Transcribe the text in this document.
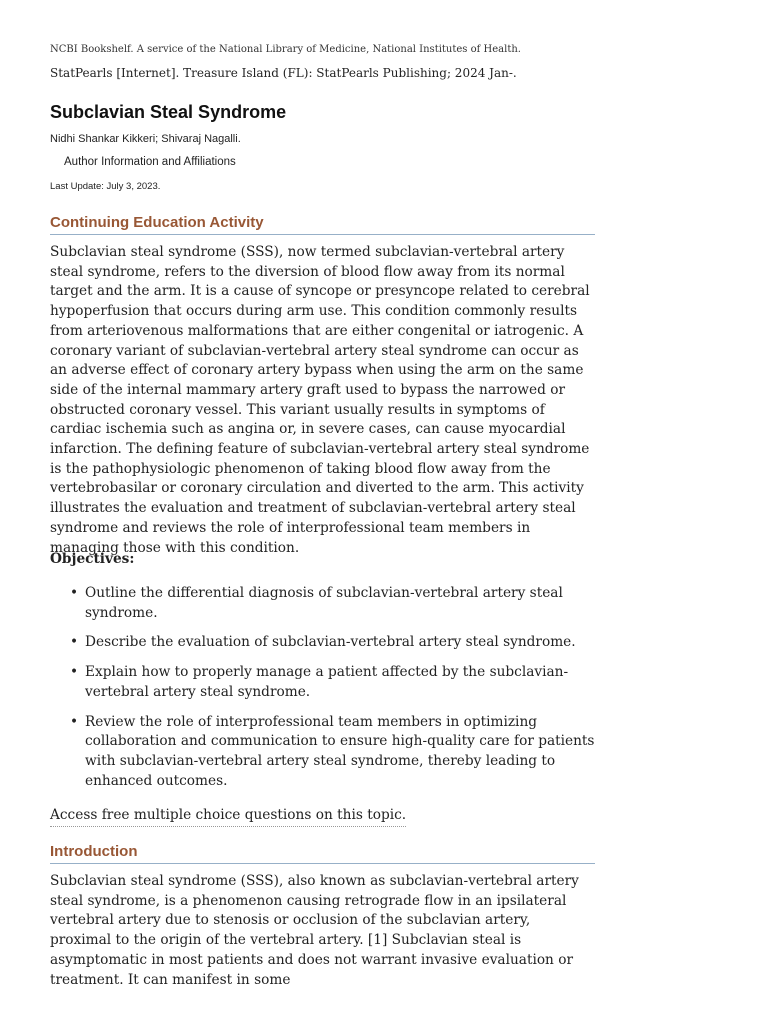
NCBI Bookshelf. A service of the National Library of Medicine, National Institutes of Health.
StatPearls [Internet]. Treasure Island (FL): StatPearls Publishing; 2024 Jan-.
Subclavian Steal Syndrome
Nidhi Shankar Kikkeri; Shivaraj Nagalli.
Author Information and Affiliations
Last Update: July 3, 2023.
Continuing Education Activity

Subclavian steal syndrome (SSS), now termed subclavian-vertebral artery steal syndrome, refers to the diversion of blood flow away from its normal target and the arm. It is a cause of syncope or presyncope related to cerebral hypoperfusion that occurs during arm use. This condition commonly results from arteriovenous malformations that are either congenital or iatrogenic. A coronary variant of subclavian-vertebral artery steal syndrome can occur as an adverse effect of coronary artery bypass when using the arm on the same side of the internal mammary artery graft used to bypass the narrowed or obstructed coronary vessel. This variant usually results in symptoms of cardiac ischemia such as angina or, in severe cases, can cause myocardial infarction. The defining feature of subclavian-vertebral artery steal syndrome is the pathophysiologic phenomenon of taking blood flow away from the vertebrobasilar or coronary circulation and diverted to the arm. This activity illustrates the evaluation and treatment of subclavian-vertebral artery steal syndrome and reviews the role of interprofessional team members in managing those with this condition.

Objectives:

• Outline the differential diagnosis of subclavian-vertebral artery steal syndrome.
• Describe the evaluation of subclavian-vertebral artery steal syndrome.
• Explain how to properly manage a patient affected by the subclavian-vertebral artery steal syndrome.
• Review the role of interprofessional team members in optimizing collaboration and communication to ensure high-quality care for patients with subclavian-vertebral artery steal syndrome, thereby leading to enhanced outcomes.
Access free multiple choice questions on this topic.
Introduction

Subclavian steal syndrome (SSS), also known as subclavian-vertebral artery steal syndrome, is a phenomenon causing retrograde flow in an ipsilateral vertebral artery due to stenosis or occlusion of the subclavian artery, proximal to the origin of the vertebral artery. [1] Subclavian steal is asymptomatic in most patients and does not warrant invasive evaluation or treatment. It can manifest in some
